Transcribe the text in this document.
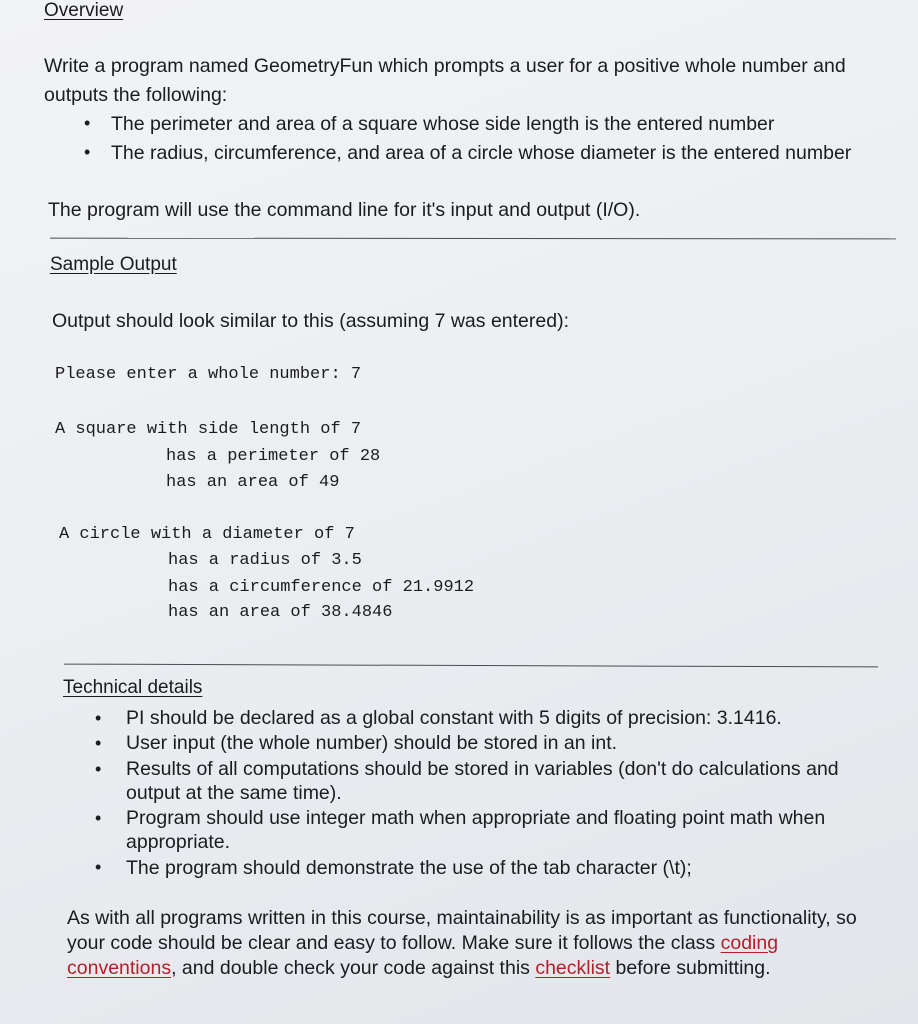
Overview
Write a program named GeometryFun which prompts a user for a positive whole number and
outputs the following:
• The perimeter and area of a square whose side length is the entered number
• The radius, circumference, and area of a circle whose diameter is the entered number
The program will use the command line for it's input and output (I/O).
Sample Output
Output should look similar to this (assuming 7 was entered):
Please enter a whole number: 7
A square with side length of 7
has a perimeter of 28
has an area of 49
A circle with a diameter of 7
has a radius of 3.5
has a circumference of 21.9912
has an area of 38.4846
Technical details
• PI should be declared as a global constant with 5 digits of precision: 3.1416.
• User input (the whole number) should be stored in an int.
• Results of all computations should be stored in variables (don't do calculations and
output at the same time).
• Program should use integer math when appropriate and floating point math when
appropriate.
• The program should demonstrate the use of the tab character (\t);
As with all programs written in this course, maintainability is as important as functionality, so
your code should be clear and easy to follow. Make sure it follows the class coding
conventions, and double check your code against this checklist before submitting.
